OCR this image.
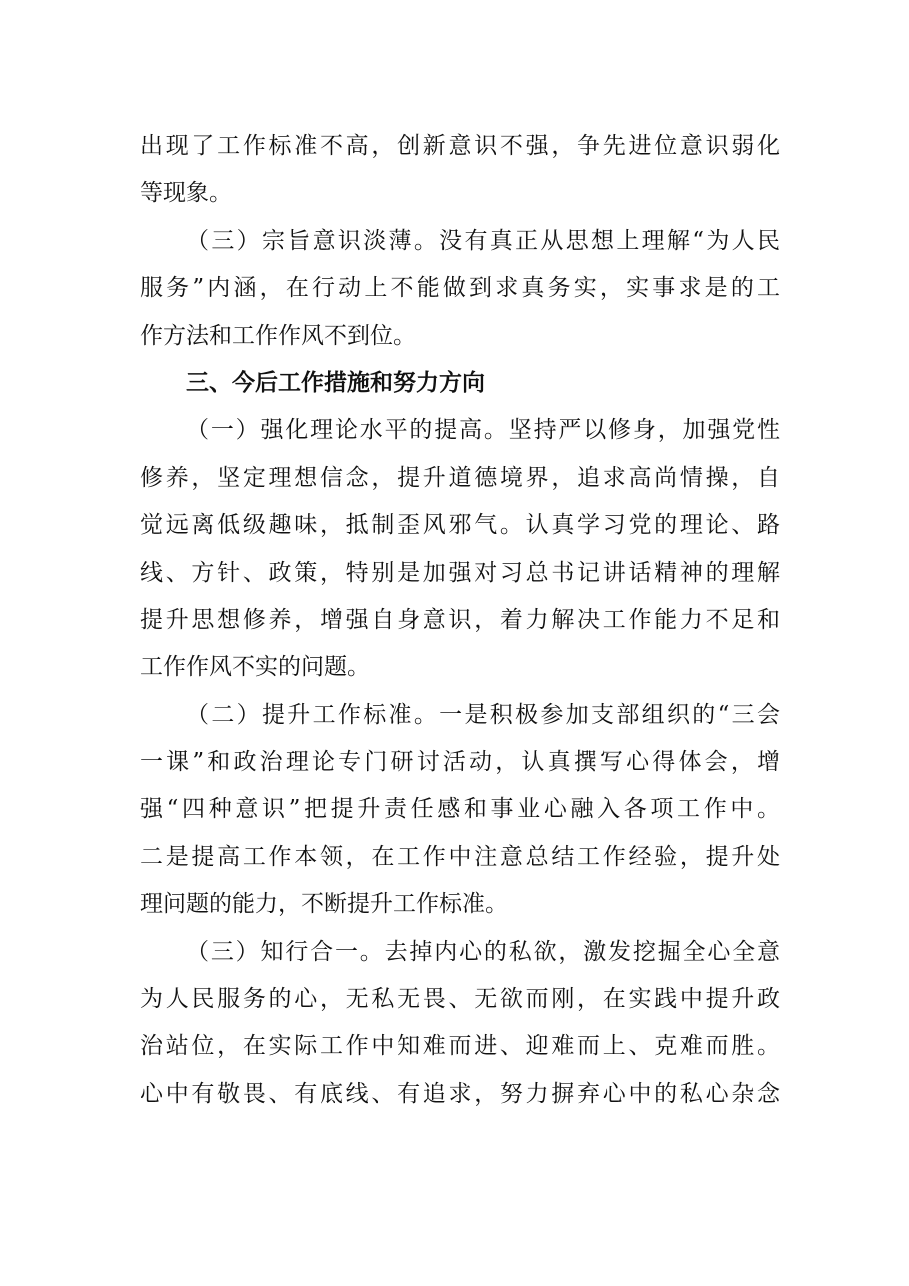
出现了工作标准不高，创新意识不强，争先进位意识弱化
等现象。
（三）宗旨意识淡薄。没有真正从思想上理解“为人民
服务”内涵，在行动上不能做到求真务实，实事求是的工
作方法和工作作风不到位。
三、今后工作措施和努力方向
（一）强化理论水平的提高。坚持严以修身，加强党性
修养，坚定理想信念，提升道德境界，追求高尚情操，自
觉远离低级趣味，抵制歪风邪气。认真学习党的理论、路
线、方针、政策，特别是加强对习总书记讲话精神的理解
提升思想修养，增强自身意识，着力解决工作能力不足和
工作作风不实的问题。
（二）提升工作标准。一是积极参加支部组织的“三会
一课”和政治理论专门研讨活动，认真撰写心得体会，增
强“四种意识”把提升责任感和事业心融入各项工作中。
二是提高工作本领，在工作中注意总结工作经验，提升处
理问题的能力，不断提升工作标准。
（三）知行合一。去掉内心的私欲，激发挖掘全心全意
为人民服务的心，无私无畏、无欲而刚，在实践中提升政
治站位，在实际工作中知难而进、迎难而上、克难而胜。
心中有敬畏、有底线、有追求，努力摒弃心中的私心杂念
